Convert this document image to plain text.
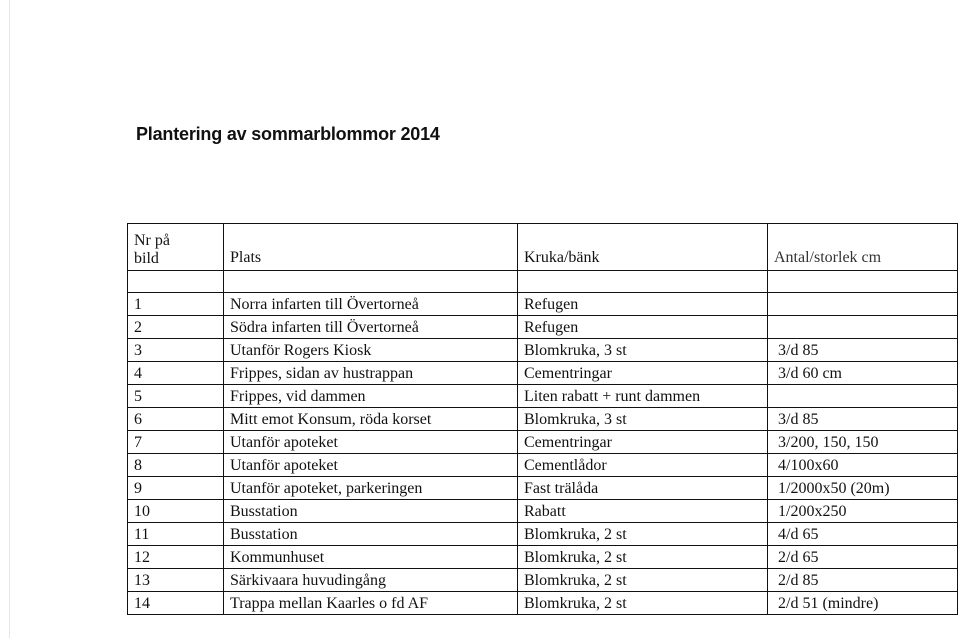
Plantering av sommarblommor 2014
Nr på
bild	Plats	Kruka/bänk	Antal/storlek cm

1	Norra infarten till Övertorneå	Refugen	
2	Södra infarten till Övertorneå	Refugen	
3	Utanför Rogers Kiosk	Blomkruka, 3 st	3/d 85
4	Frippes, sidan av hustrappan	Cementringar	3/d 60 cm
5	Frippes, vid dammen	Liten rabatt + runt dammen	
6	Mitt emot Konsum, röda korset	Blomkruka, 3 st	3/d 85
7	Utanför apoteket	Cementringar	3/200, 150, 150
8	Utanför apoteket	Cementlådor	4/100x60
9	Utanför apoteket, parkeringen	Fast trälåda	1/2000x50 (20m)
10	Busstation	Rabatt	1/200x250
11	Busstation	Blomkruka, 2 st	4/d 65
12	Kommunhuset	Blomkruka, 2 st	2/d 65
13	Särkivaara huvudingång	Blomkruka, 2 st	2/d 85
14	Trappa mellan Kaarles o fd AF	Blomkruka, 2 st	2/d 51 (mindre)
